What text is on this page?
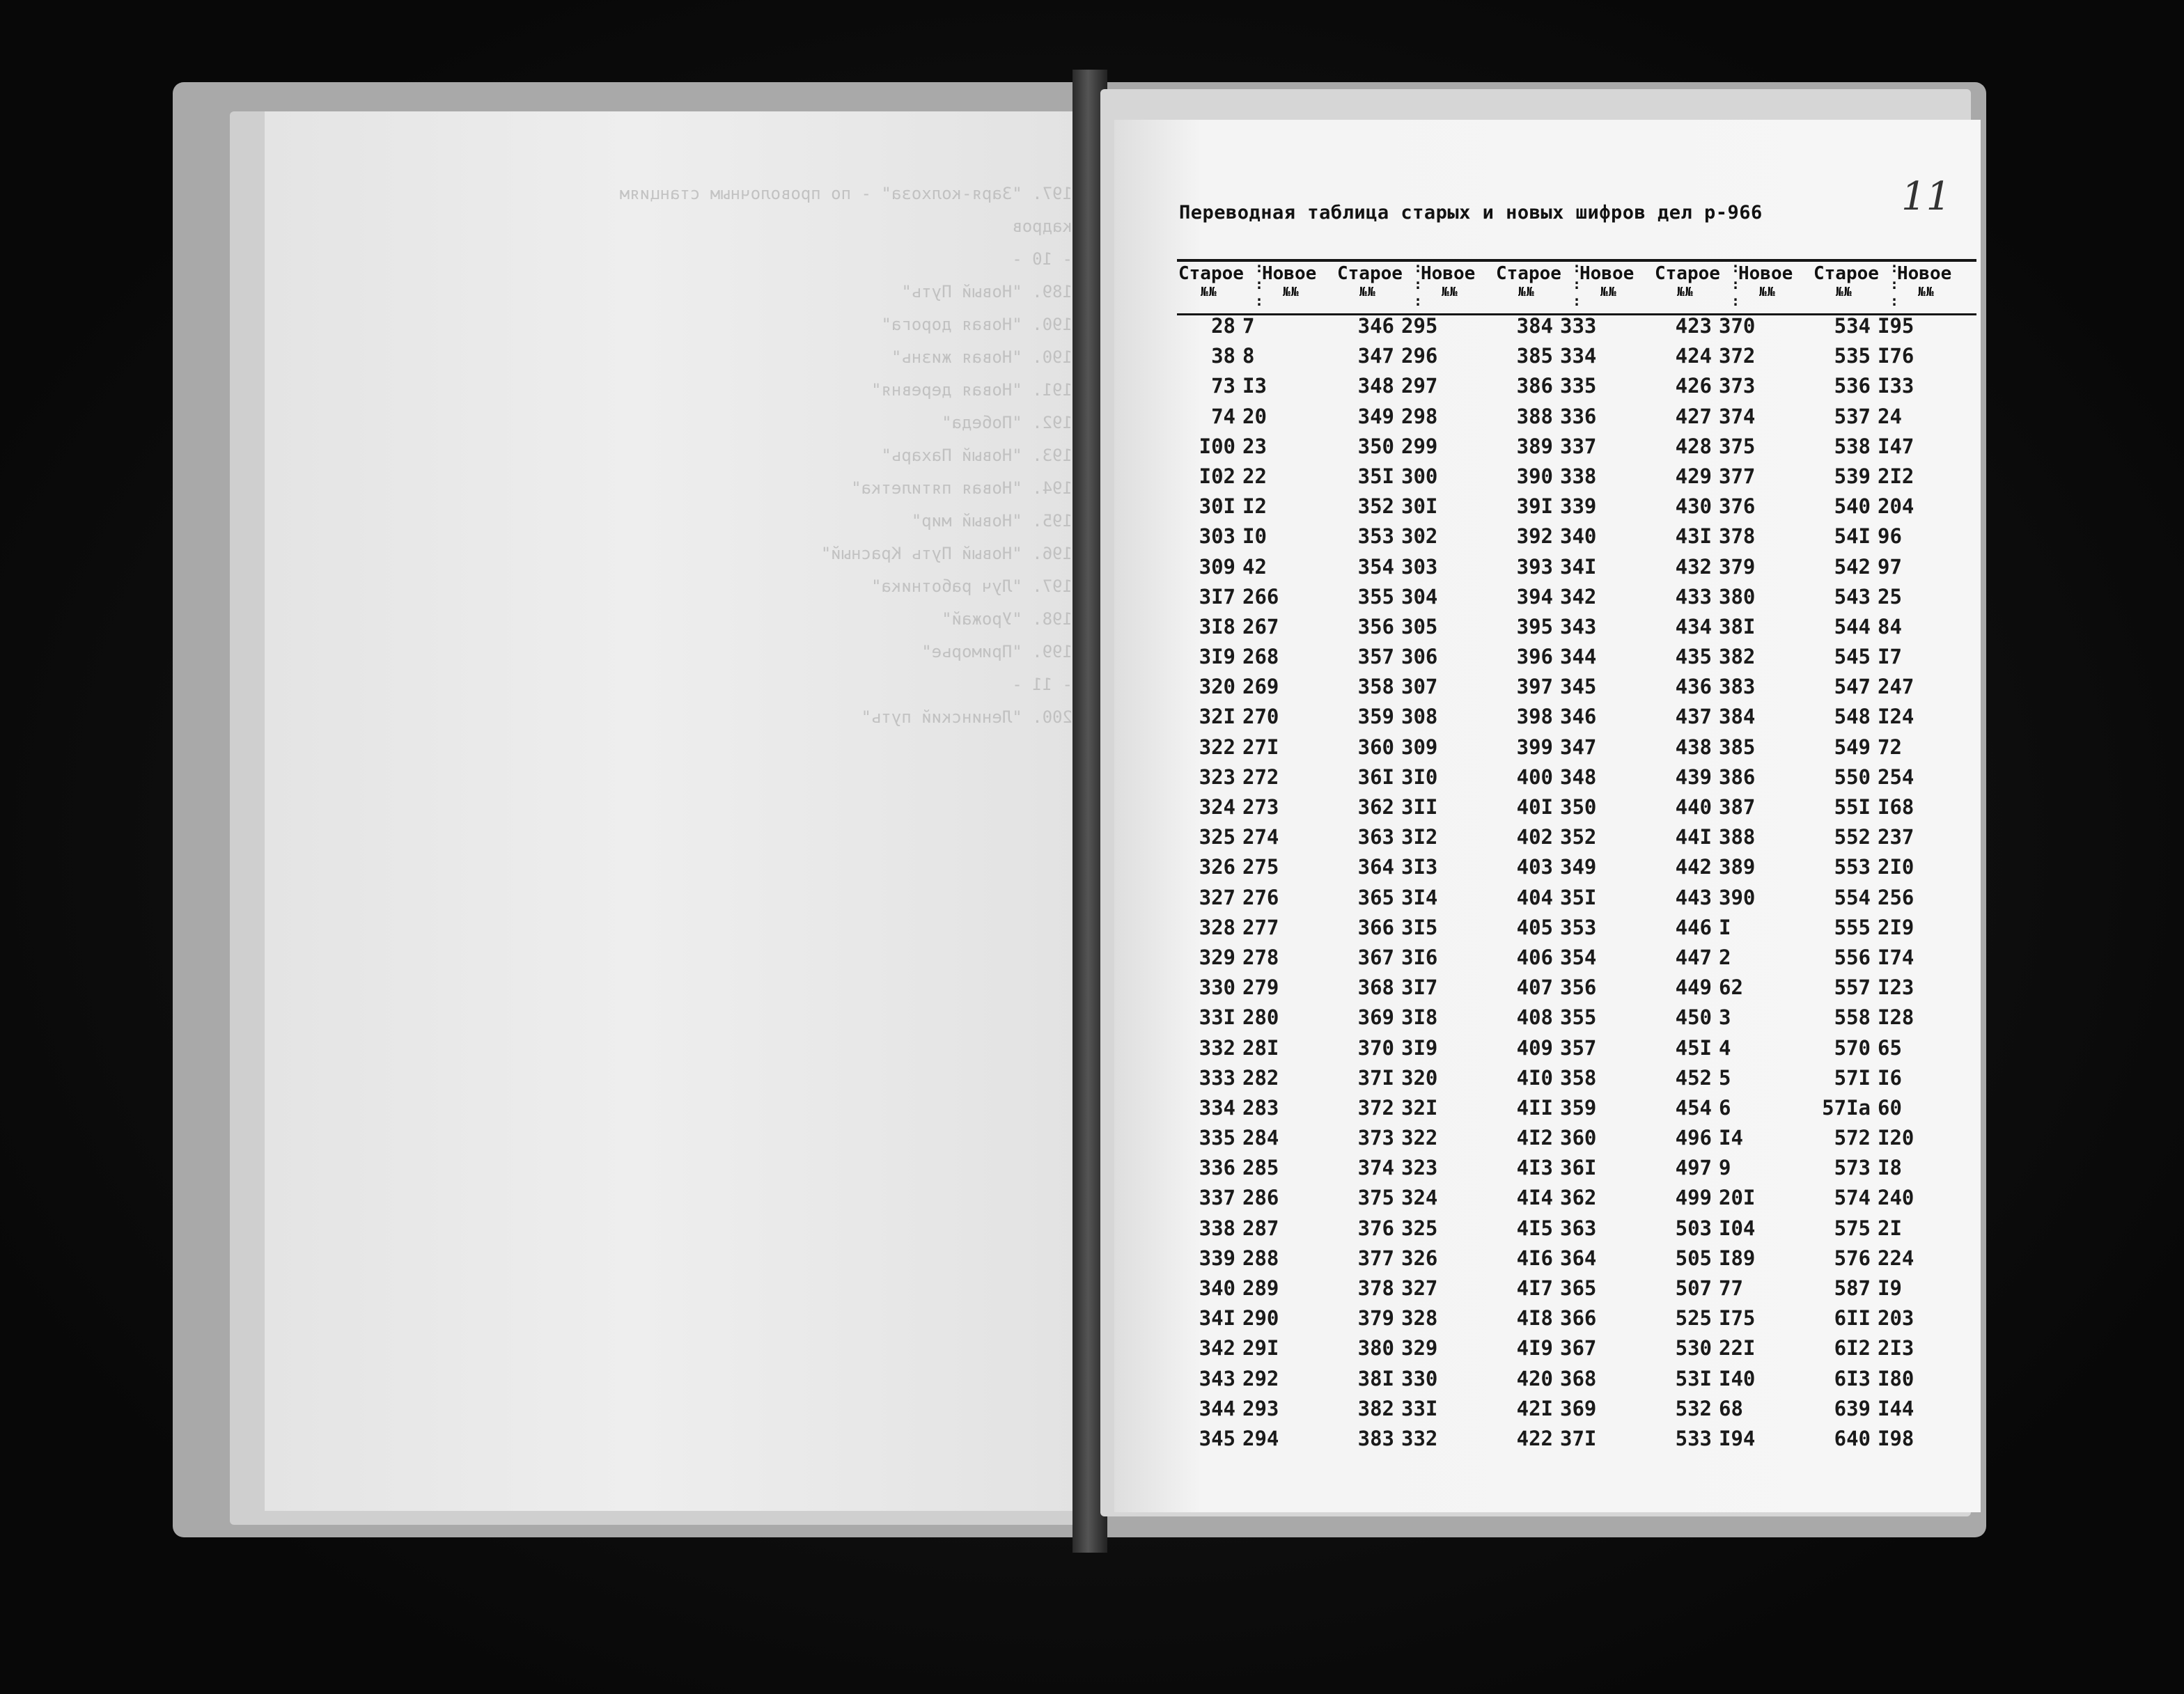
197. "Заря-колхоза" - по проволочным станциям
кадров
- 10 -
189. "Новый Путь"
190. "Новая дорога"
190. "Новая жизнь"
191. "Новая деревня"
192. "Победа"
193. "Новый Пахарь"
194. "Новая пятилетка"
195. "Новый мир"
196. "Новый Путь Красный"
197. "Луч работника"
198. "Урожай"
199. "Приморье"
- 11 -
200. "Ленинский путь"
Переводная таблица старых и новых шифров дел р-966	11
Старое
№№
Новое
№№
:
:
:
Старое
№№
Новое
№№
:
:
:
Старое
№№
Новое
№№
:
:
:
Старое
№№
Новое
№№
:
:
:
Старое
№№
Новое
№№
:
:
:
28 7
38 8
73 I3
74 20
I00 23
I02 22
30I I2
303 I0
309 42
3I7 266
3I8 267
3I9 268
320 269
32I 270
322 27I
323 272
324 273
325 274
326 275
327 276
328 277
329 278
330 279
33I 280
332 28I
333 282
334 283
335 284
336 285
337 286
338 287
339 288
340 289
34I 290
342 29I
343 292
344 293
345 294
346 295
347 296
348 297
349 298
350 299
35I 300
352 30I
353 302
354 303
355 304
356 305
357 306
358 307
359 308
360 309
36I 3I0
362 3II
363 3I2
364 3I3
365 3I4
366 3I5
367 3I6
368 3I7
369 3I8
370 3I9
37I 320
372 32I
373 322
374 323
375 324
376 325
377 326
378 327
379 328
380 329
38I 330
382 33I
383 332
384 333
385 334
386 335
388 336
389 337
390 338
39I 339
392 340
393 34I
394 342
395 343
396 344
397 345
398 346
399 347
400 348
40I 350
402 352
403 349
404 35I
405 353
406 354
407 356
408 355
409 357
4I0 358
4II 359
4I2 360
4I3 36I
4I4 362
4I5 363
4I6 364
4I7 365
4I8 366
4I9 367
420 368
42I 369
422 37I
423 370
424 372
426 373
427 374
428 375
429 377
430 376
43I 378
432 379
433 380
434 38I
435 382
436 383
437 384
438 385
439 386
440 387
44I 388
442 389
443 390
446 I
447 2
449 62
450 3
45I 4
452 5
454 6
496 I4
497 9
499 20I
503 I04
505 I89
507 77
525 I75
530 22I
53I I40
532 68
533 I94
534 I95
535 I76
536 I33
537 24
538 I47
539 2I2
540 204
54I 96
542 97
543 25
544 84
545 I7
547 247
548 I24
549 72
550 254
55I I68
552 237
553 2I0
554 256
555 2I9
556 I74
557 I23
558 I28
570 65
57I I6
57Iа 60
572 I20
573 I8
574 240
575 2I
576 224
587 I9
6II 203
6I2 2I3
6I3 I80
639 I44
640 I98
